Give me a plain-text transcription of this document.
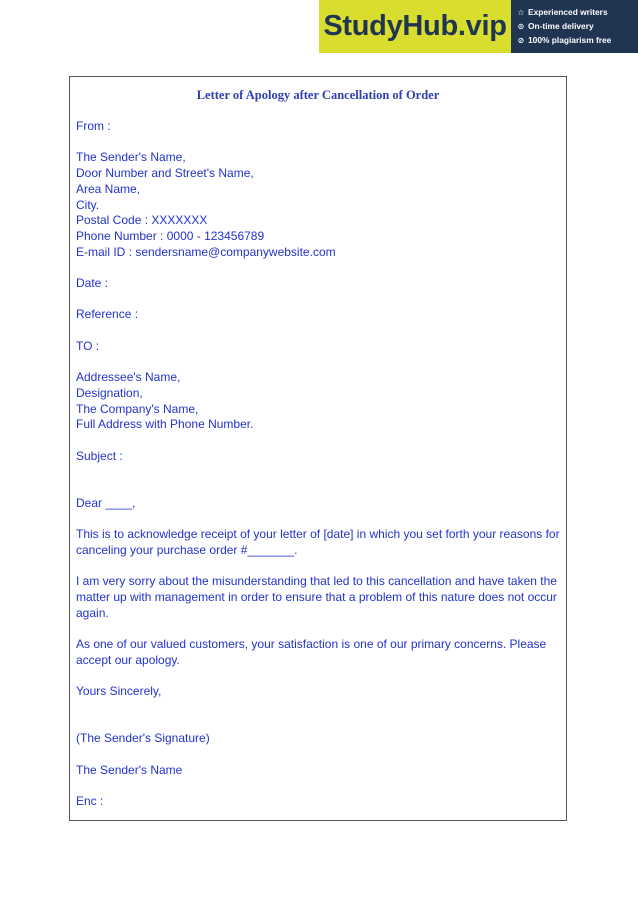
StudyHub.vip	☆ Experienced writers
⊙ On-time delivery
⊘ 100% plagiarism free
Letter of Apology after Cancellation of Order
From :
The Sender's Name,
Door Number and Street's Name,
Area Name,
City.
Postal Code : XXXXXXX
Phone Number : 0000 - 123456789
E-mail ID : sendersname@companywebsite.com
Date :
Reference :
TO :
Addressee's Name,
Designation,
The Company's Name,
Full Address with Phone Number.
Subject :
Dear ____,
This is to acknowledge receipt of your letter of [date] in which you set forth your reasons for
canceling your purchase order #_______.
I am very sorry about the misunderstanding that led to this cancellation and have taken the
matter up with management in order to ensure that a problem of this nature does not occur
again.
As one of our valued customers, your satisfaction is one of our primary concerns. Please
accept our apology.
Yours Sincerely,
(The Sender's Signature)
The Sender's Name
Enc :
